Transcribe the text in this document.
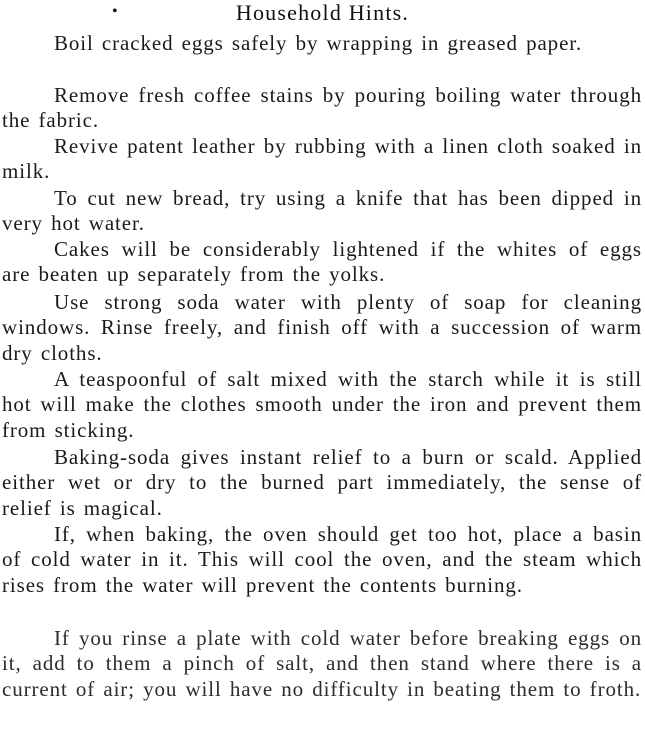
•	Household Hints.

Boil cracked eggs safely by wrapping in greased paper.

Remove fresh coffee stains by pouring boiling water through the fabric.

Revive patent leather by rubbing with a linen cloth soaked in milk.

To cut new bread, try using a knife that has been dipped in very hot water.

Cakes will be considerably lightened if the whites of eggs are beaten up separately from the yolks.

Use strong soda water with plenty of soap for cleaning windows. Rinse freely, and finish off with a succession of warm dry cloths.

A teaspoonful of salt mixed with the starch while it is still hot will make the clothes smooth under the iron and prevent them from sticking.

Baking-soda gives instant relief to a burn or scald. Applied either wet or dry to the burned part immediately, the sense of relief is magical.

If, when baking, the oven should get too hot, place a basin of cold water in it. This will cool the oven, and the steam which rises from the water will prevent the contents burning.

If you rinse a plate with cold water before breaking eggs on it, add to them a pinch of salt, and then stand where there is a current of air; you will have no difficulty in beating them to froth.
